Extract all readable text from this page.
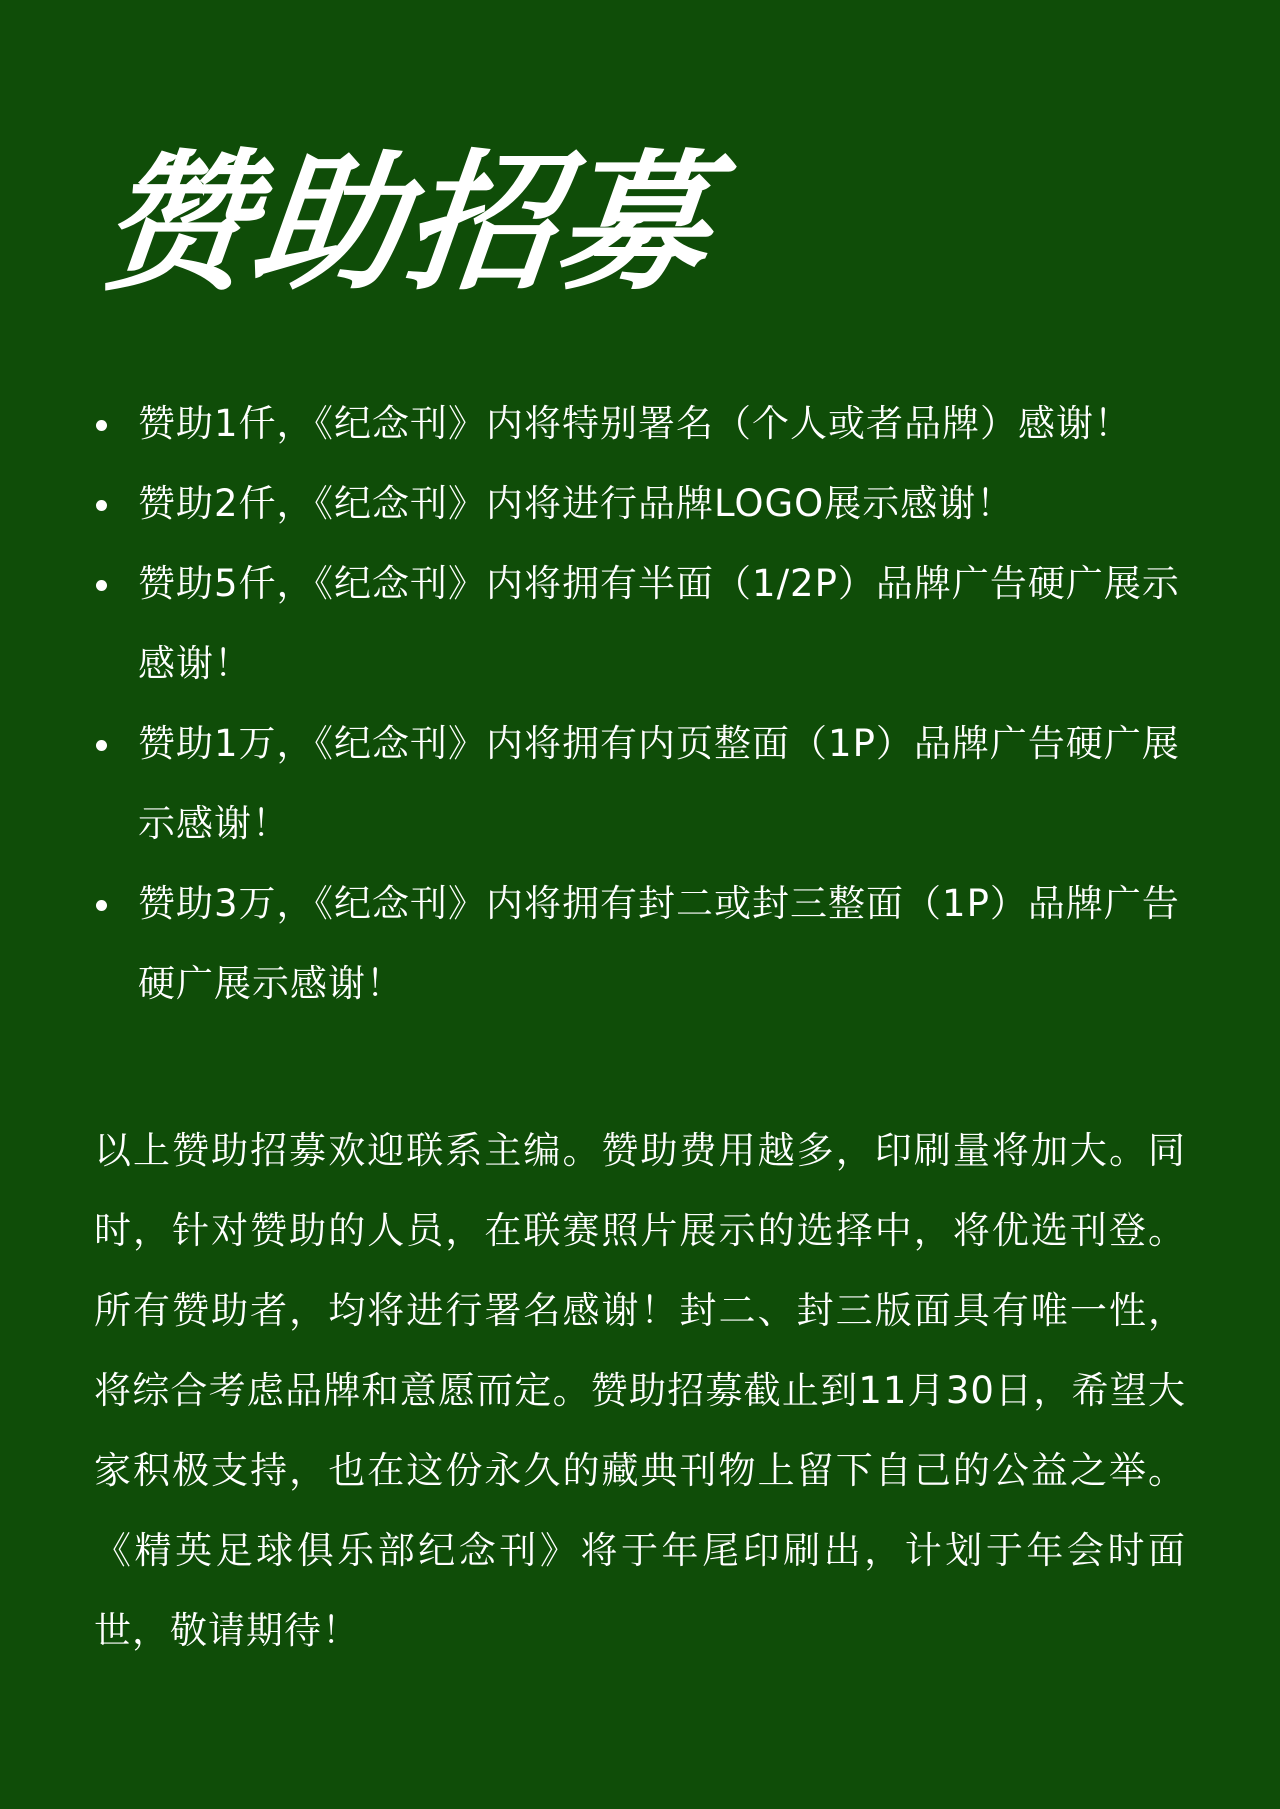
赞助招募
赞助1仟，《纪念刊》内将特别署名（个人或者品牌）感谢！
赞助2仟，《纪念刊》内将进行品牌LOGO展示感谢！
赞助5仟，《纪念刊》内将拥有半面（1/2P）品牌广告硬广展示感谢！
赞助1万，《纪念刊》内将拥有内页整面（1P）品牌广告硬广展示感谢！
赞助3万，《纪念刊》内将拥有封二或封三整面（1P）品牌广告硬广展示感谢！

以上赞助招募欢迎联系主编。赞助费用越多，印刷量将加大。同时，针对赞助的人员，在联赛照片展示的选择中，将优选刊登。所有赞助者，均将进行署名感谢！封二、封三版面具有唯一性，将综合考虑品牌和意愿而定。赞助招募截止到11月30日，希望大家积极支持，也在这份永久的藏典刊物上留下自己的公益之举。《精英足球俱乐部纪念刊》将于年尾印刷出，计划于年会时面世，敬请期待！
